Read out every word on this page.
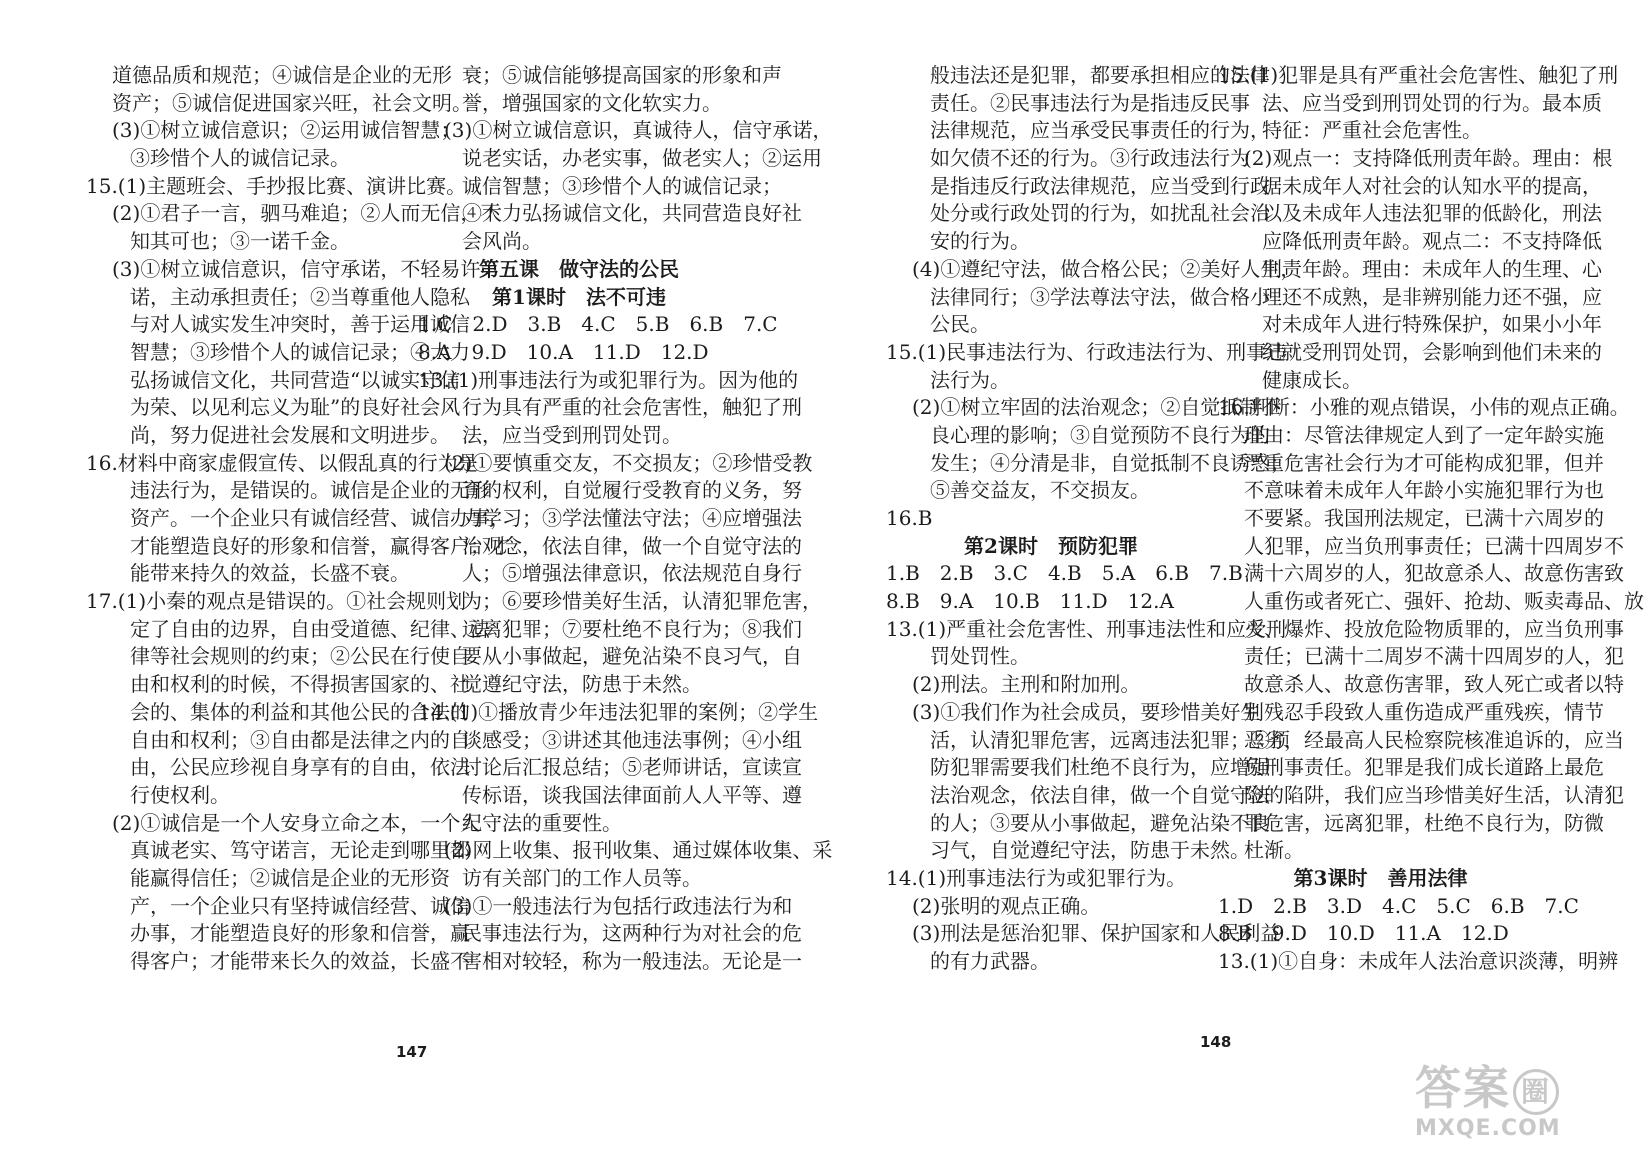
道德品质和规范；④诚信是企业的无形
资产；⑤诚信促进国家兴旺，社会文明。
(3)①树立诚信意识；②运用诚信智慧；
③珍惜个人的诚信记录。
15.(1)主题班会、手抄报比赛、演讲比赛。
(2)①君子一言，驷马难追；②人而无信，不
知其可也；③一诺千金。
(3)①树立诚信意识，信守承诺，不轻易许
诺，主动承担责任；②当尊重他人隐私
与对人诚实发生冲突时，善于运用诚信
智慧；③珍惜个人的诚信记录；④大力
弘扬诚信文化，共同营造“以诚实守信
为荣、以见利忘义为耻”的良好社会风
尚，努力促进社会发展和文明进步。
16.材料中商家虚假宣传、以假乱真的行为是
违法行为，是错误的。诚信是企业的无形
资产。一个企业只有诚信经营、诚信办事，
才能塑造良好的形象和信誉，赢得客户；才
能带来持久的效益，长盛不衰。
17.(1)小秦的观点是错误的。①社会规则划
定了自由的边界，自由受道德、纪律、法
律等社会规则的约束；②公民在行使自
由和权利的时候，不得损害国家的、社
会的、集体的利益和其他公民的合法的
自由和权利；③自由都是法律之内的自
由，公民应珍视自身享有的自由，依法
行使权利。
(2)①诚信是一个人安身立命之本，一个人
真诚老实、笃守诺言，无论走到哪里都
能赢得信任；②诚信是企业的无形资
产，一个企业只有坚持诚信经营、诚信
办事，才能塑造良好的形象和信誉，赢
得客户；才能带来长久的效益，长盛不
衰；⑤诚信能够提高国家的形象和声
誉，增强国家的文化软实力。
(3)①树立诚信意识，真诚待人，信守承诺，
说老实话，办老实事，做老实人；②运用
诚信智慧；③珍惜个人的诚信记录；
④大力弘扬诚信文化，共同营造良好社
会风尚。
第五课　做守法的公民
第1课时　法不可违
1.C　2.D　3.B　4.C　5.B　6.B　7.C
8.A　9.D　10.A　11.D　12.D
13.(1)刑事违法行为或犯罪行为。因为他的
行为具有严重的社会危害性，触犯了刑
法，应当受到刑罚处罚。
(2)①要慎重交友，不交损友；②珍惜受教
育的权利，自觉履行受教育的义务，努
力学习；③学法懂法守法；④应增强法
治观念，依法自律，做一个自觉守法的
人；⑤增强法律意识，依法规范自身行
为；⑥要珍惜美好生活，认清犯罪危害，
远离犯罪；⑦要杜绝不良行为；⑧我们
要从小事做起，避免沾染不良习气，自
觉遵纪守法，防患于未然。
14.(1)①播放青少年违法犯罪的案例；②学生
谈感受；③讲述其他违法事例；④小组
讨论后汇报总结；⑤老师讲话，宣读宣
传标语，谈我国法律面前人人平等、遵
纪守法的重要性。
(2)网上收集、报刊收集、通过媒体收集、采
访有关部门的工作人员等。
(3)①一般违法行为包括行政违法行为和
民事违法行为，这两种行为对社会的危
害相对较轻，称为一般违法。无论是一
147
般违法还是犯罪，都要承担相应的法律
责任。②民事违法行为是指违反民事
法律规范，应当承受民事责任的行为，
如欠债不还的行为。③行政违法行为
是指违反行政法律规范，应当受到行政
处分或行政处罚的行为，如扰乱社会治
安的行为。
(4)①遵纪守法，做合格公民；②美好人生，
法律同行；③学法尊法守法，做合格小
公民。
15.(1)民事违法行为、行政违法行为、刑事违
法行为。
(2)①树立牢固的法治观念；②自觉抵制不
良心理的影响；③自觉预防不良行为的
发生；④分清是非，自觉抵制不良诱惑；
⑤善交益友，不交损友。
16.B
第2课时　预防犯罪
1.B　2.B　3.C　4.B　5.A　6.B　7.B
8.B　9.A　10.B　11.D　12.A
13.(1)严重社会危害性、刑事违法性和应受刑
罚处罚性。
(2)刑法。主刑和附加刑。
(3)①我们作为社会成员，要珍惜美好生
活，认清犯罪危害，远离违法犯罪；②预
防犯罪需要我们杜绝不良行为，应增强
法治观念，依法自律，做一个自觉守法
的人；③要从小事做起，避免沾染不良
习气，自觉遵纪守法，防患于未然。
14.(1)刑事违法行为或犯罪行为。
(2)张明的观点正确。
(3)刑法是惩治犯罪、保护国家和人民利益
的有力武器。
15.(1)犯罪是具有严重社会危害性、触犯了刑
法、应当受到刑罚处罚的行为。最本质
特征：严重社会危害性。
(2)观点一：支持降低刑责年龄。理由：根
据未成年人对社会的认知水平的提高，
以及未成年人违法犯罪的低龄化，刑法
应降低刑责年龄。观点二：不支持降低
刑责年龄。理由：未成年人的生理、心
理还不成熟，是非辨别能力还不强，应
对未成年人进行特殊保护，如果小小年
纪就受刑罚处罚，会影响到他们未来的
健康成长。
16.判断：小雅的观点错误，小伟的观点正确。
理由：尽管法律规定人到了一定年龄实施
严重危害社会行为才可能构成犯罪，但并
不意味着未成年人年龄小实施犯罪行为也
不要紧。我国刑法规定，已满十六周岁的
人犯罪，应当负刑事责任；已满十四周岁不
满十六周岁的人，犯故意杀人、故意伤害致
人重伤或者死亡、强奸、抢劫、贩卖毒品、放
火、爆炸、投放危险物质罪的，应当负刑事
责任；已满十二周岁不满十四周岁的人，犯
故意杀人、故意伤害罪，致人死亡或者以特
别残忍手段致人重伤造成严重残疾，情节
恶劣，经最高人民检察院核准追诉的，应当
负刑事责任。犯罪是我们成长道路上最危
险的陷阱，我们应当珍惜美好生活，认清犯
罪危害，远离犯罪，杜绝不良行为，防微
杜渐。
第3课时　善用法律
1.D　2.B　3.D　4.C　5.C　6.B　7.C
8.B　9.D　10.D　11.A　12.D
13.(1)①自身：未成年人法治意识淡薄，明辨
148
答案 圈
MXQE.COM
